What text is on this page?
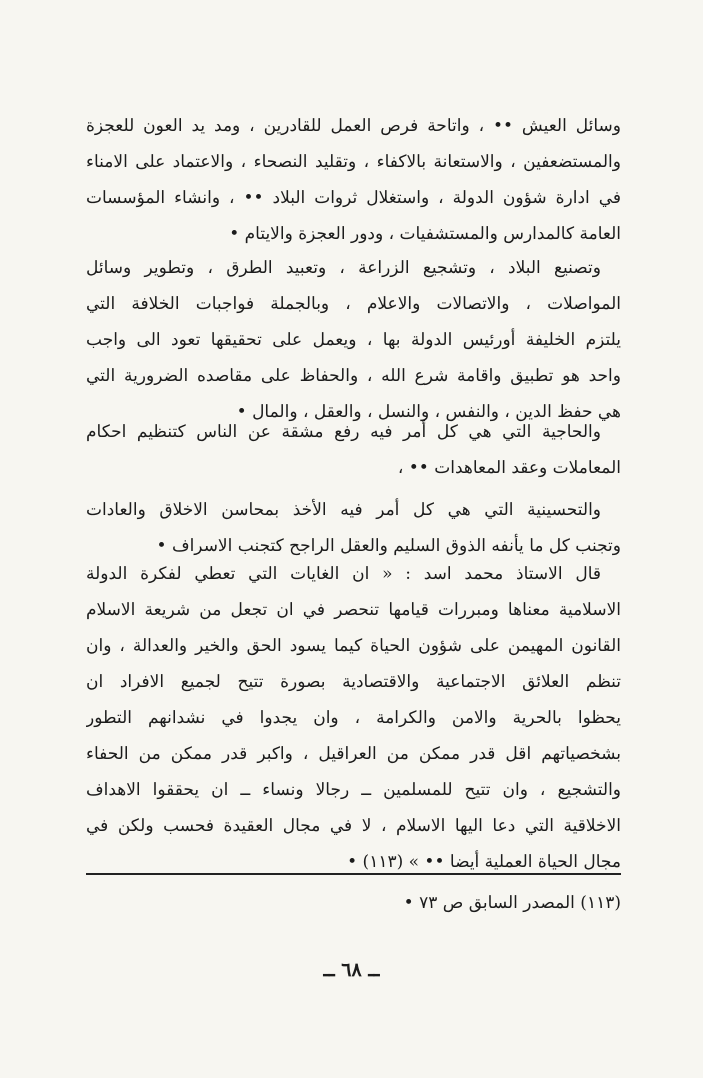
وسائل العيش •• ، واتاحة فرص العمل للقادرين ، ومد يد العون للعجزة
والمستضعفين ، والاستعانة بالاكفاء ، وتقليد النصحاء ، والاعتماد على الامناء
في ادارة شؤون الدولة ، واستغلال ثروات البلاد •• ، وانشاء المؤسسات
العامة كالمدارس والمستشفيات ، ودور العجزة والايتام •
وتصنيع البلاد ، وتشجيع الزراعة ، وتعبيد الطرق ، وتطوير وسائل
المواصلات ، والاتصالات والاعلام ، وبالجملة فواجبات الخلافة التي
يلتزم الخليفة أورئيس الدولة بها ، ويعمل على تحقيقها تعود الى واجب
واحد هو تطبيق واقامة شرع الله ، والحفاظ على مقاصده الضرورية التي
هي حفظ الدين ، والنفس ، والنسل ، والعقل ، والمال •
والحاجية التي هي كل أمر فيه رفع مشقة عن الناس كتنظيم احكام
المعاملات وعقد المعاهدات •• ،
والتحسينية التي هي كل أمر فيه الأخذ بمحاسن الاخلاق والعادات
وتجنب كل ما يأنفه الذوق السليم والعقل الراجح كتجنب الاسراف •
قال الاستاذ محمد اسد : « ان الغايات التي تعطي لفكرة الدولة
الاسلامية معناها ومبررات قيامها تنحصر في ان تجعل من شريعة الاسلام
القانون المهيمن على شؤون الحياة كيما يسود الحق والخير والعدالة ، وان
تنظم العلائق الاجتماعية والاقتصادية بصورة تتيح لجميع الافراد ان
يحظوا بالحرية والامن والكرامة ، وان يجدوا في نشدانهم التطور
بشخصياتهم اقل قدر ممكن من العراقيل ، واكبر قدر ممكن من الحفاء
والتشجيع ، وان تتيح للمسلمين ــ رجالا ونساء ــ ان يحققوا الاهداف
الاخلاقية التي دعا اليها الاسلام ، لا في مجال العقيدة فحسب ولكن في
مجال الحياة العملية أيضا •• » (١١٣) •
(١١٣) المصدر السابق ص ٧٣ •
ــ ٦٨ ــ
